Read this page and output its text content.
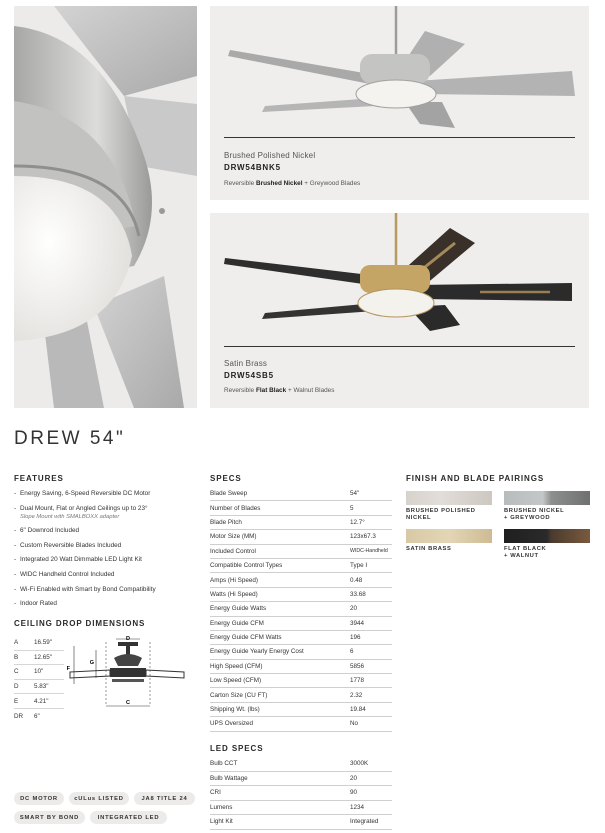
Brushed Polished Nickel
DRW54BNK5
Reversible Brushed Nickel + Greywood Blades
Satin Brass
DRW54SB5
Reversible Flat Black + Walnut Blades
DREW 54"
FEATURES
- Energy Saving, 6-Speed Reversible DC Motor
- Dual Mount, Flat or Angled Ceilings up to 23°
Slope Mount with SMALBOXX adapter
- 6" Downrod Included
- Custom Reversible Blades Included
- Integrated 20 Watt Dimmable LED Light Kit
- WIDC Handheld Control Included
- Wi-Fi Enabled with Smart by Bond Compatibility
- Indoor Rated
CEILING DROP DIMENSIONS
A	16.59"
B	12.65"
C	10"
D	5.83"
E	4.21"
DR	6"
D
G
F
C
SPECS
Blade Sweep	54"
Number of Blades	5
Blade Pitch	12.7°
Motor Size (MM)	123x67.3
Included Control	WIDC-Handheld
Compatible Control Types	Type I
Amps (Hi Speed)	0.48
Watts (Hi Speed)	33.68
Energy Guide Watts	20
Energy Guide CFM	3944
Energy Guide CFM Watts	196
Energy Guide Yearly Energy Cost	6
High Speed (CFM)	5856
Low Speed (CFM)	1778
Carton Size (CU FT)	2.32
Shipping Wt. (lbs)	19.84
UPS Oversized	No
LED SPECS
Bulb CCT	3000K
Bulb Wattage	20
CRI	90
Lumens	1234
Light Kit	Integrated
FINISH AND BLADE PAIRINGS
BRUSHED POLISHED
NICKEL
BRUSHED NICKEL
+ GREYWOOD
SATIN BRASS	FLAT BLACK
+ WALNUT
DC MOTOR	cULus LISTED	JA8 TITLE 24
SMART BY BOND	INTEGRATED LED
